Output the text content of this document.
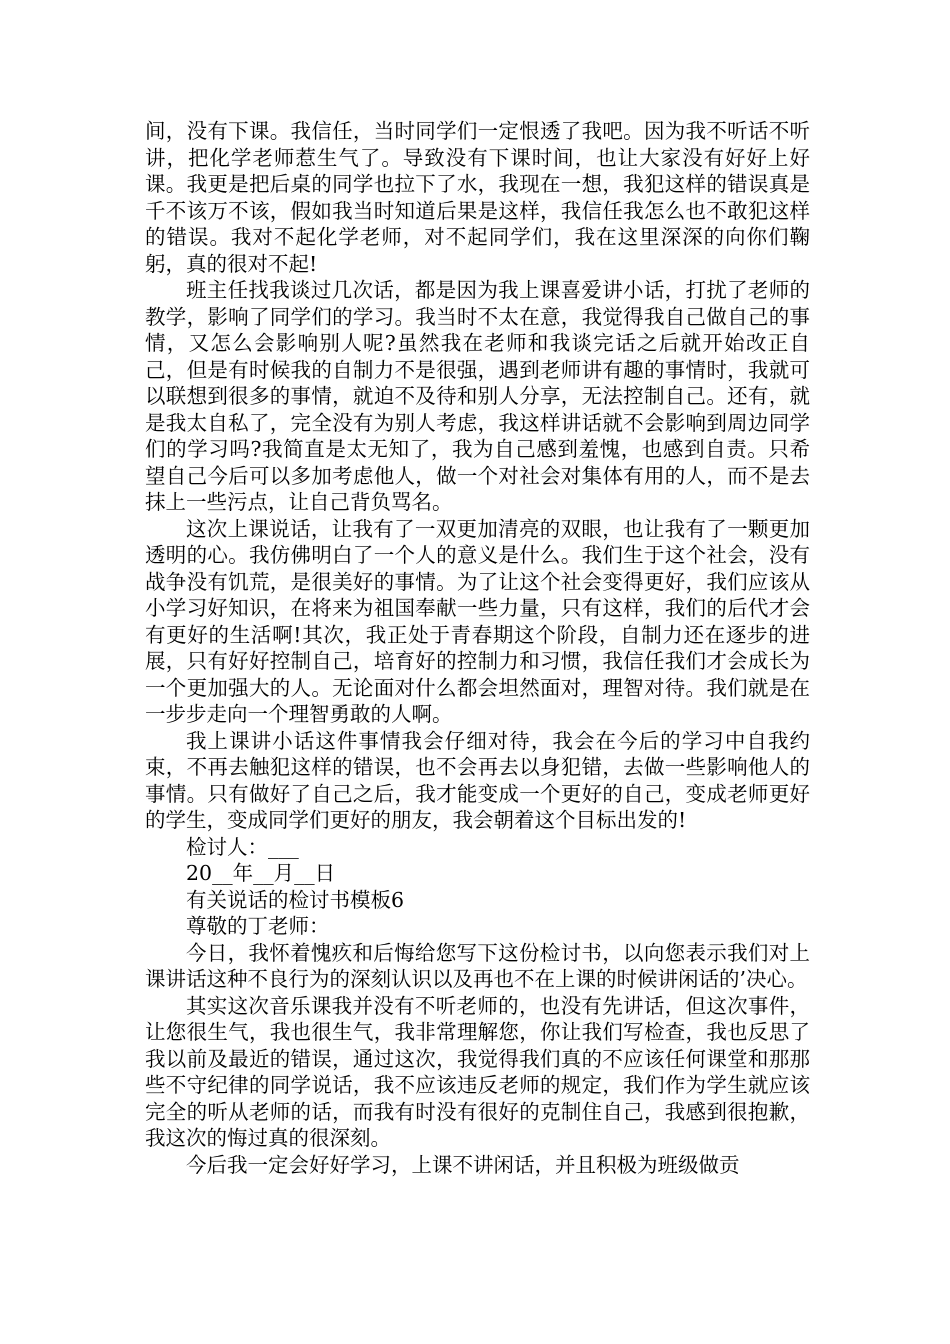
间，没有下课。我信任，当时同学们一定恨透了我吧。因为我不听话不听讲，把化学老师惹生气了。导致没有下课时间，也让大家没有好好上好课。我更是把后桌的同学也拉下了水，我现在一想，我犯这样的错误真是千不该万不该，假如我当时知道后果是这样，我信任我怎么也不敢犯这样的错误。我对不起化学老师，对不起同学们，我在这里深深的向你们鞠躬，真的很对不起!

班主任找我谈过几次话，都是因为我上课喜爱讲小话，打扰了老师的教学，影响了同学们的学习。我当时不太在意，我觉得我自己做自己的事情，又怎么会影响别人呢?虽然我在老师和我谈完话之后就开始改正自己，但是有时候我的自制力不是很强，遇到老师讲有趣的事情时，我就可以联想到很多的事情，就迫不及待和别人分享，无法控制自己。还有，就是我太自私了，完全没有为别人考虑，我这样讲话就不会影响到周边同学们的学习吗?我简直是太无知了，我为自己感到羞愧，也感到自责。只希望自己今后可以多加考虑他人，做一个对社会对集体有用的人，而不是去抹上一些污点，让自己背负骂名。

这次上课说话，让我有了一双更加清亮的双眼，也让我有了一颗更加透明的心。我仿佛明白了一个人的意义是什么。我们生于这个社会，没有战争没有饥荒，是很美好的事情。为了让这个社会变得更好，我们应该从小学习好知识，在将来为祖国奉献一些力量，只有这样，我们的后代才会有更好的生活啊!其次，我正处于青春期这个阶段，自制力还在逐步的进展，只有好好控制自己，培育好的控制力和习惯，我信任我们才会成长为一个更加强大的人。无论面对什么都会坦然面对，理智对待。我们就是在一步步走向一个理智勇敢的人啊。

我上课讲小话这件事情我会仔细对待，我会在今后的学习中自我约束，不再去触犯这样的错误，也不会再去以身犯错，去做一些影响他人的事情。只有做好了自己之后，我才能变成一个更好的自己，变成老师更好的学生，变成同学们更好的朋友，我会朝着这个目标出发的!

检讨人：___

20__年__月__日

有关说话的检讨书模板6

尊敬的丁老师：

今日，我怀着愧疚和后悔给您写下这份检讨书，以向您表示我们对上课讲话这种不良行为的深刻认识以及再也不在上课的时候讲闲话的’决心。

其实这次音乐课我并没有不听老师的，也没有先讲话，但这次事件，让您很生气，我也很生气，我非常理解您，你让我们写检查，我也反思了我以前及最近的错误，通过这次，我觉得我们真的不应该任何课堂和那那些不守纪律的同学说话，我不应该违反老师的规定，我们作为学生就应该完全的听从老师的话，而我有时没有很好的克制住自己，我感到很抱歉，我这次的悔过真的很深刻。

今后我一定会好好学习，上课不讲闲话，并且积极为班级做贡
